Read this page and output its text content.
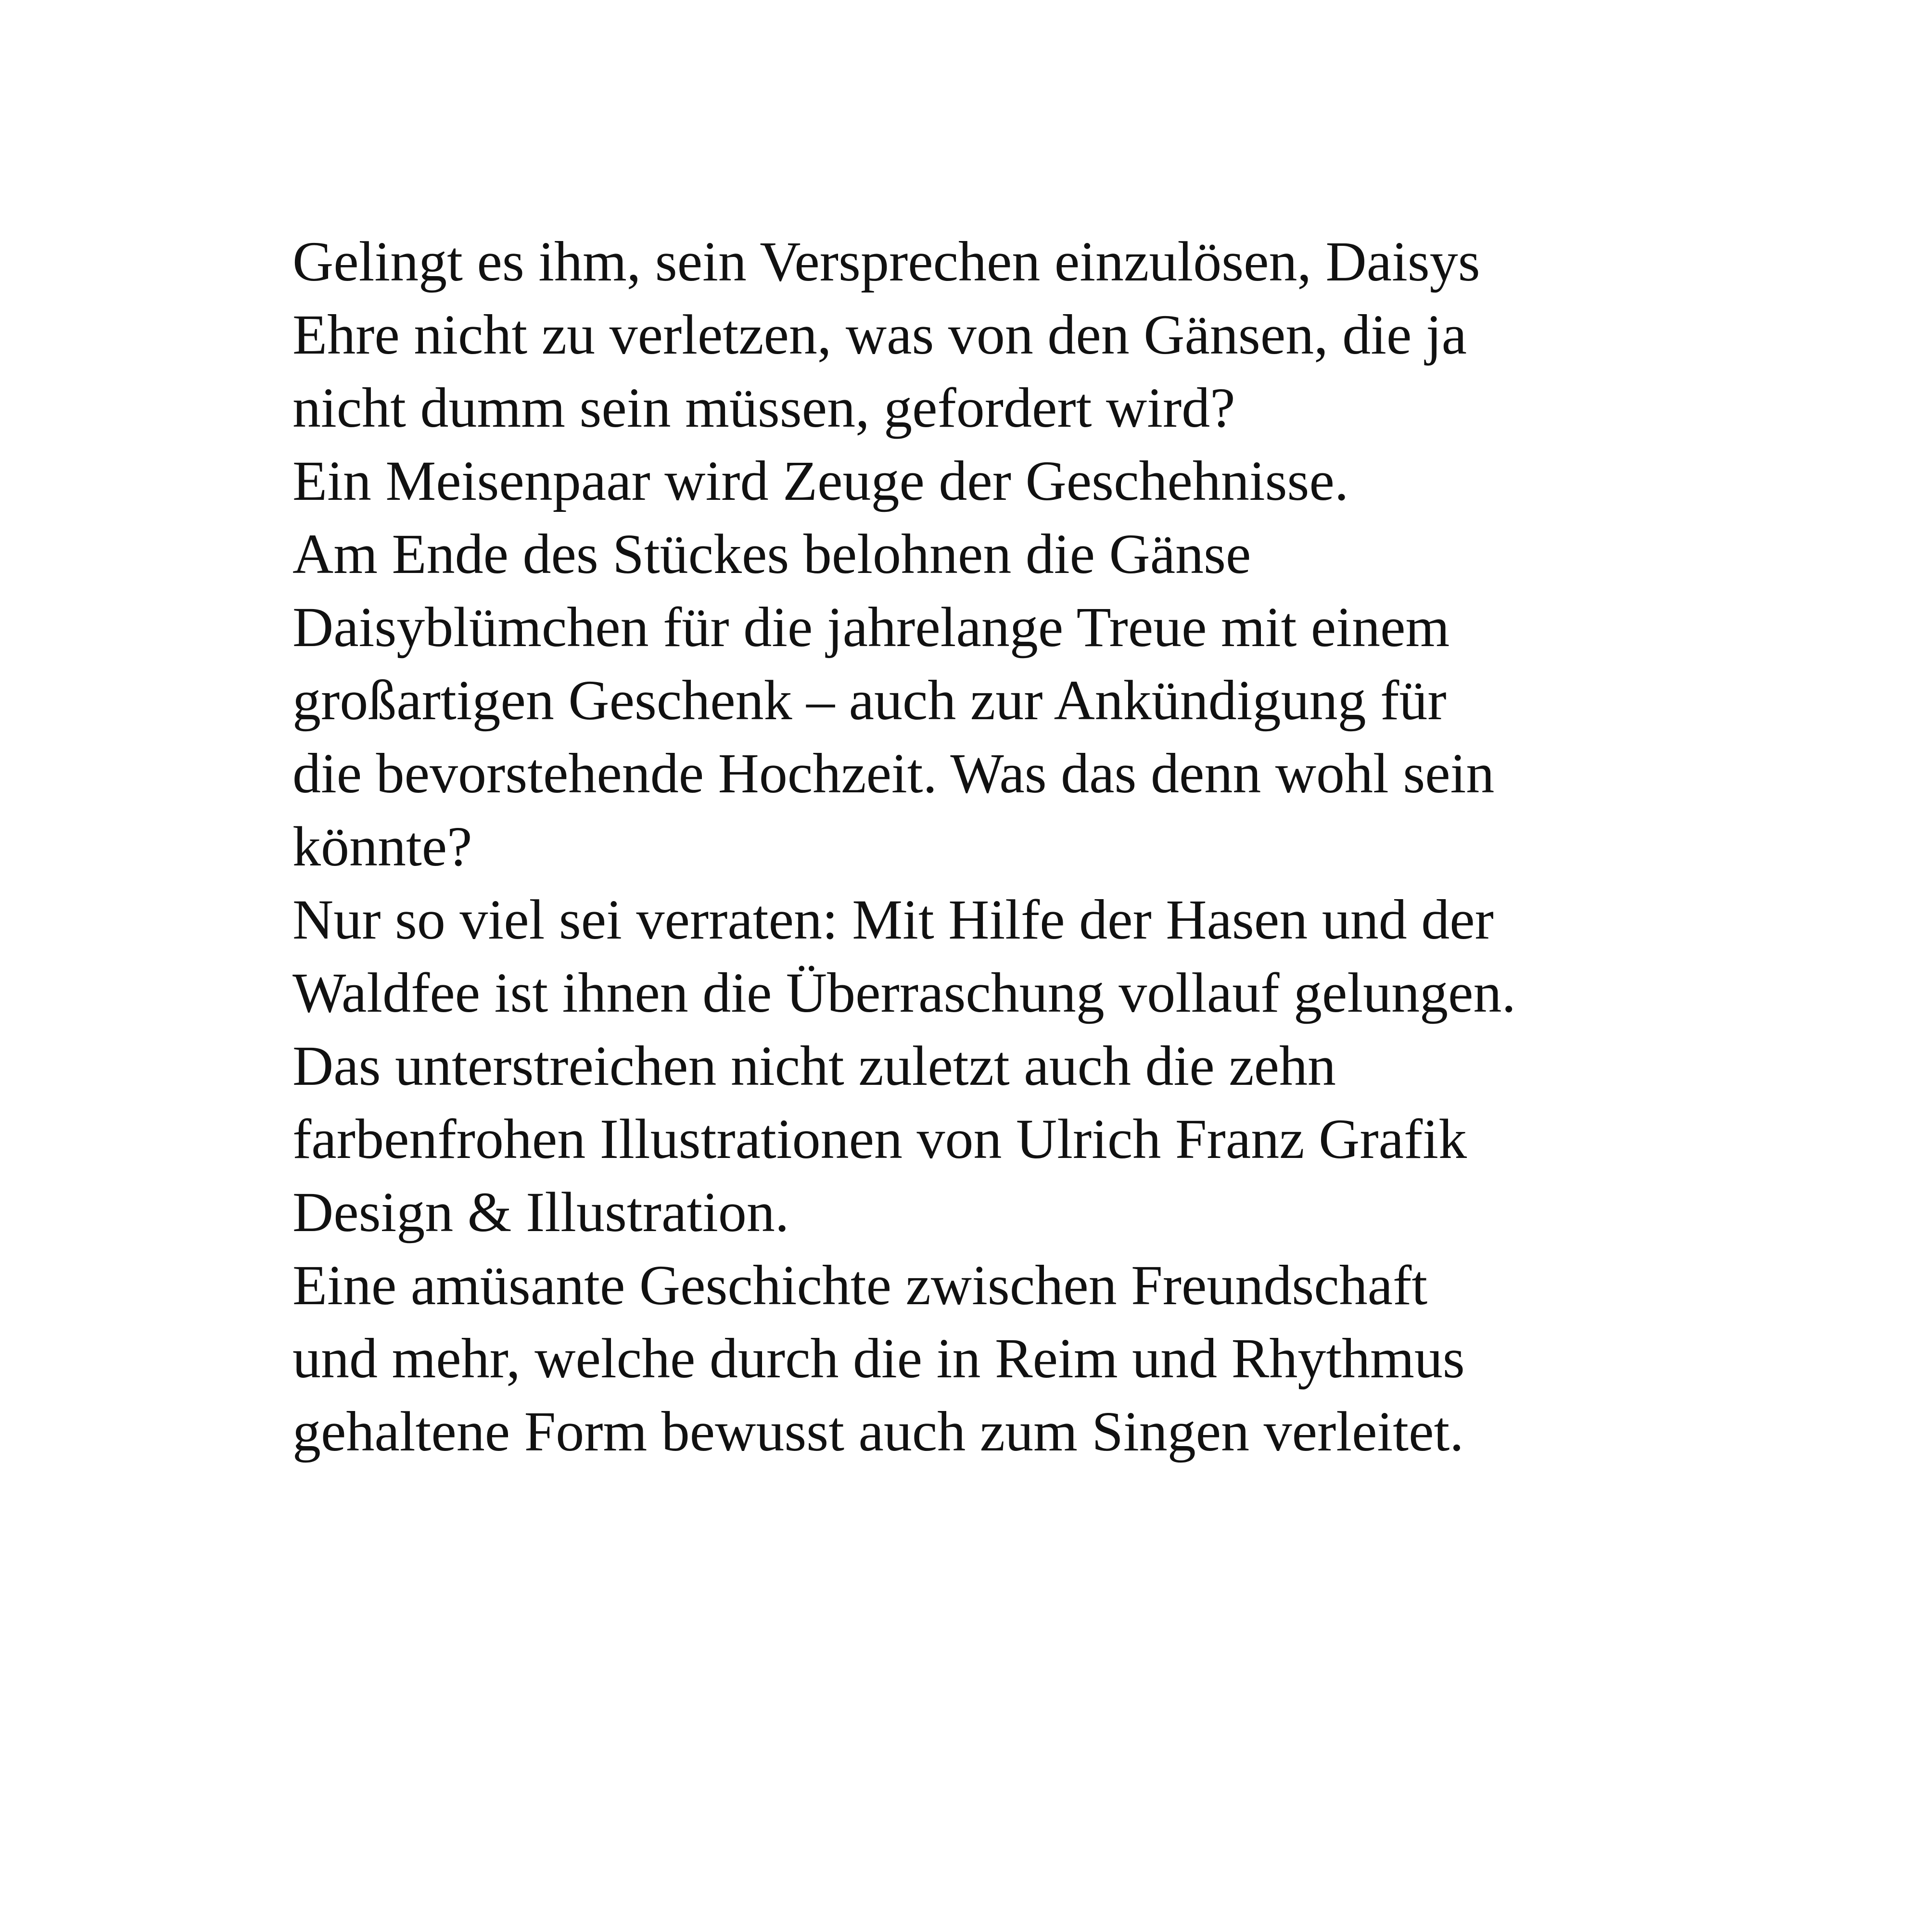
Gelingt es ihm, sein Versprechen einzulösen, Daisys
Ehre nicht zu verletzen, was von den Gänsen, die ja
nicht dumm sein müssen, gefordert wird?
Ein Meisenpaar wird Zeuge der Geschehnisse.
Am Ende des Stückes belohnen die Gänse
Daisyblümchen für die jahrelange Treue mit einem
großartigen Geschenk – auch zur Ankündigung für
die bevorstehende Hochzeit. Was das denn wohl sein
könnte?
Nur so viel sei verraten: Mit Hilfe der Hasen und der
Waldfee ist ihnen die Überraschung vollauf gelungen.
Das unterstreichen nicht zuletzt auch die zehn
farbenfrohen Illustrationen von Ulrich Franz Grafik
Design & Illustration.
Eine amüsante Geschichte zwischen Freundschaft
und mehr, welche durch die in Reim und Rhythmus
gehaltene Form bewusst auch zum Singen verleitet.
